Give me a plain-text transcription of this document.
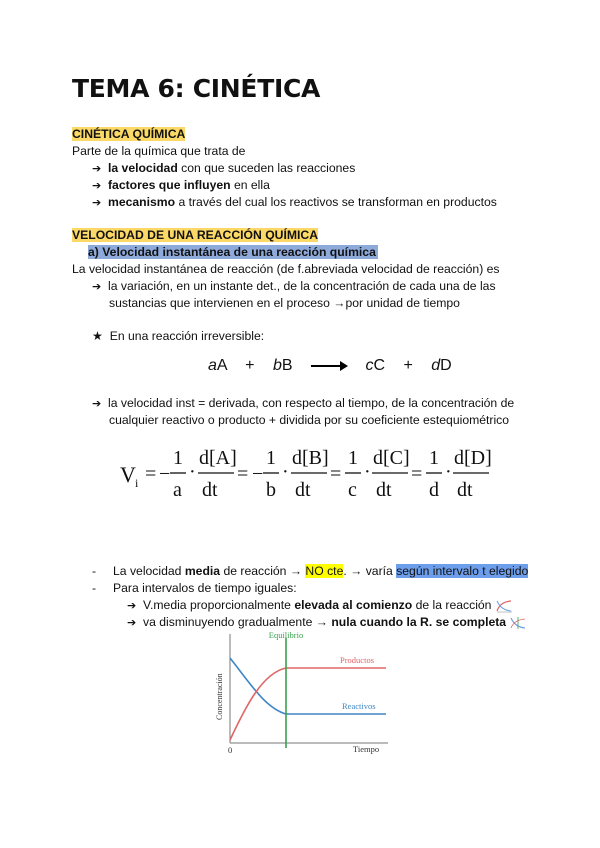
TEMA 6: CINÉTICA
CINÉTICA QUÍMICA
Parte de la química que trata de
➔ la velocidad con que suceden las reacciones
➔ factores que influyen en ella
➔ mecanismo a través del cual los reactivos se transforman en productos
VELOCIDAD DE UNA REACCIÓN QUÍMICA
a) Velocidad instantánea de una reacción química
La velocidad instantánea de reacción (de f.abreviada velocidad de reacción) es
➔ la variación, en un instante det., de la concentración de cada una de las
sustancias que intervienen en el proceso →por unidad de tiempo
★ En una reacción irreversible:
aA + bB → cC + dD
➔ la velocidad inst = derivada, con respecto al tiempo, de la concentración de
cualquier reactivo o producto + dividida por su coeficiente estequiométrico
V i = −
1
a
·
d[A]
dt
= −
1
b
·
d[B]
dt
=
1
c
·
d[C]
dt
=
1
d
·
d[D]
dt
- La velocidad media de reacción → NO cte. → varía según intervalo t elegido
- Para intervalos de tiempo iguales:
➔ V.media proporcionalmente elevada al comienzo de la reacción
➔ va disminuyendo gradualmente → nula cuando la R. se completa
Equilibrio
Productos
Reactivos
Tiempo
0
Concentración
